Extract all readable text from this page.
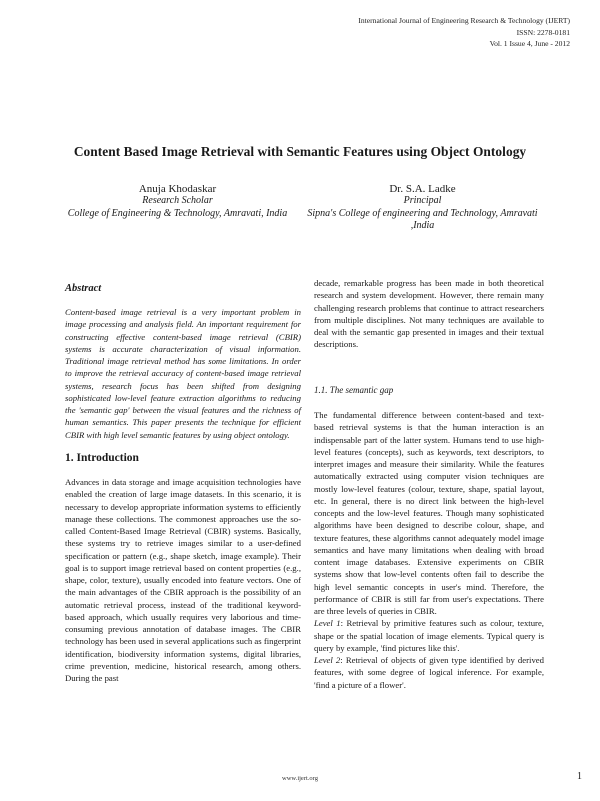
International Journal of Engineering Research & Technology (IJERT)
ISSN: 2278-0181
Vol. 1 Issue 4, June - 2012
Content Based Image Retrieval with Semantic Features using Object Ontology
Anuja Khodaskar
Research Scholar
College of Engineering & Technology, Amravati, India
Dr. S.A. Ladke
Principal
Sipna's College of engineering and Technology, Amravati ,India
Abstract

Content-based image retrieval is a very important problem in image processing and analysis field. An important requirement for constructing effective content-based image retrieval (CBIR) systems is accurate characterization of visual information. Traditional image retrieval method has some limitations. In order to improve the retrieval accuracy of content-based image retrieval systems, research focus has been shifted from designing sophisticated low-level feature extraction algorithms to reducing the 'semantic gap' between the visual features and the richness of human semantics. This paper presents the technique for efficient CBIR with high level semantic features by using object ontology.

1. Introduction

Advances in data storage and image acquisition technologies have enabled the creation of large image datasets. In this scenario, it is necessary to develop appropriate information systems to efficiently manage these collections. The commonest approaches use the so-called Content-Based Image Retrieval (CBIR) systems. Basically, these systems try to retrieve images similar to a user-defined specification or pattern (e.g., shape sketch, image example). Their goal is to support image retrieval based on content properties (e.g., shape, color, texture), usually encoded into feature vectors. One of the main advantages of the CBIR approach is the possibility of an automatic retrieval process, instead of the traditional keyword-based approach, which usually requires very laborious and time-consuming previous annotation of database images. The CBIR technology has been used in several applications such as fingerprint identification, biodiversity information systems, digital libraries, crime prevention, medicine, historical research, among others. During the past

decade, remarkable progress has been made in both theoretical research and system development. However, there remain many challenging research problems that continue to attract researchers from multiple disciplines. Not many techniques are available to deal with the semantic gap presented in images and their textual descriptions.

1.1. The semantic gap

The fundamental difference between content-based and text-based retrieval systems is that the human interaction is an indispensable part of the latter system. Humans tend to use high-level features (concepts), such as keywords, text descriptors, to interpret images and measure their similarity. While the features automatically extracted using computer vision techniques are mostly low-level features (colour, texture, shape, spatial layout, etc. In general, there is no direct link between the high-level concepts and the low-level features. Though many sophisticated algorithms have been designed to describe colour, shape, and texture features, these algorithms cannot adequately model image semantics and have many limitations when dealing with broad content image databases. Extensive experiments on CBIR systems show that low-level contents often fail to describe the high level semantic concepts in user's mind. Therefore, the performance of CBIR is still far from user's expectations. There are three levels of queries in CBIR.

Level 1: Retrieval by primitive features such as colour, texture, shape or the spatial location of image elements. Typical query is query by example, 'find pictures like this'.

Level 2: Retrieval of objects of given type identified by derived features, with some degree of logical inference. For example, 'find a picture of a flower'.

www.ijert.org	1
